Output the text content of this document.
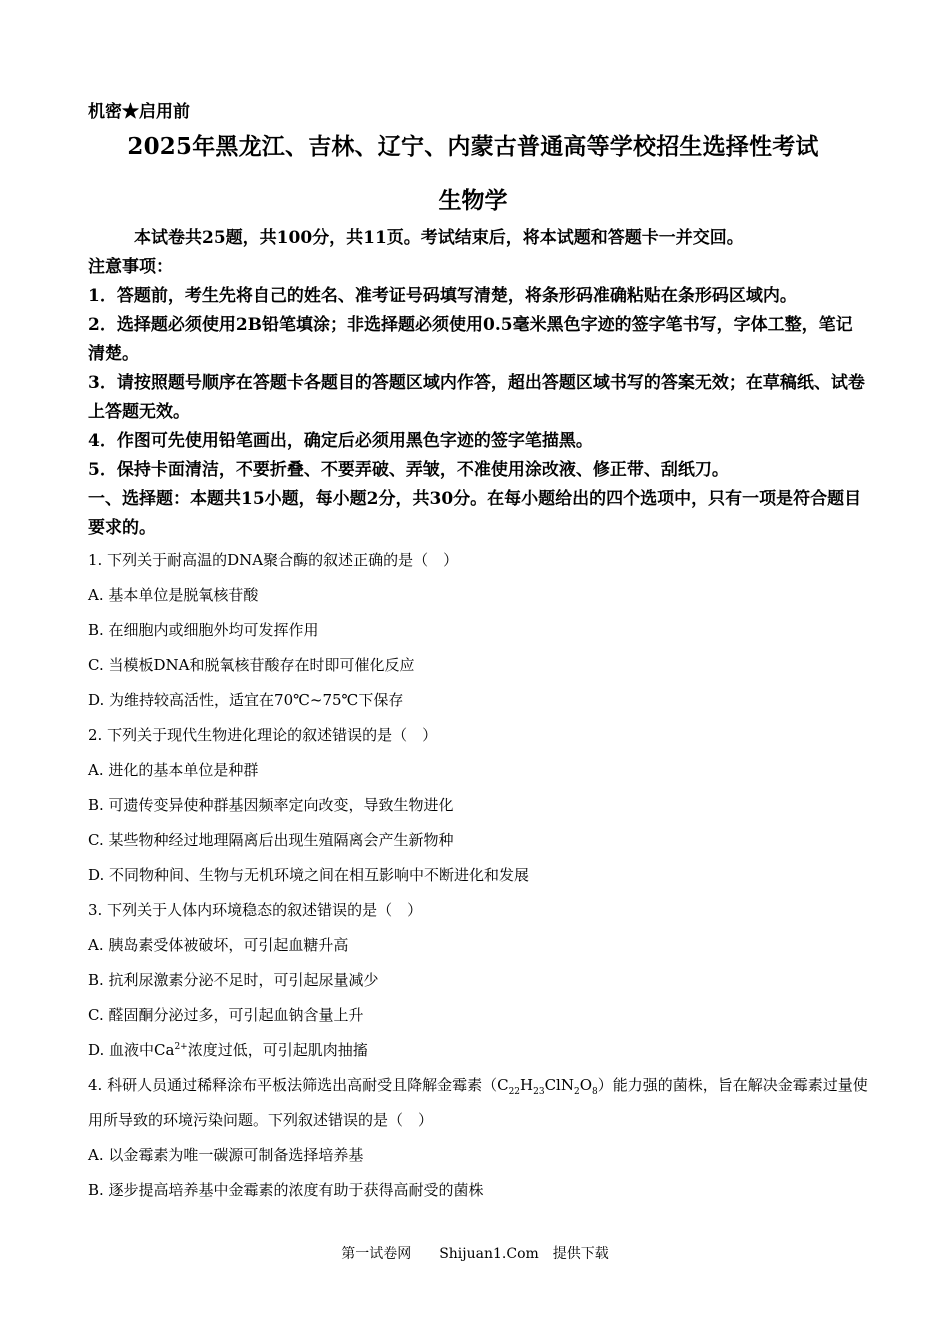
机密★启用前
2025年黑龙江、吉林、辽宁、内蒙古普通高等学校招生选择性考试
生物学
本试卷共25题，共100分，共11页。考试结束后，将本试题和答题卡一并交回。
注意事项：
1．答题前，考生先将自己的姓名、准考证号码填写清楚，将条形码准确粘贴在条形码区域内。
2．选择题必须使用2B铅笔填涂；非选择题必须使用0.5毫米黑色字迹的签字笔书写，字体工整，笔记清楚。
3．请按照题号顺序在答题卡各题目的答题区域内作答，超出答题区域书写的答案无效；在草稿纸、试卷上答题无效。
4．作图可先使用铅笔画出，确定后必须用黑色字迹的签字笔描黑。
5．保持卡面清洁，不要折叠、不要弄破、弄皱，不准使用涂改液、修正带、刮纸刀。
一、选择题：本题共15小题，每小题2分，共30分。在每小题给出的四个选项中，只有一项是符合题目要求的。
1. 下列关于耐高温的DNA聚合酶的叙述正确的是（　）
A. 基本单位是脱氧核苷酸
B. 在细胞内或细胞外均可发挥作用
C. 当模板DNA和脱氧核苷酸存在时即可催化反应
D. 为维持较高活性，适宜在70℃~75℃下保存
2. 下列关于现代生物进化理论的叙述错误的是（　）
A. 进化的基本单位是种群
B. 可遗传变异使种群基因频率定向改变，导致生物进化
C. 某些物种经过地理隔离后出现生殖隔离会产生新物种
D. 不同物种间、生物与无机环境之间在相互影响中不断进化和发展
3. 下列关于人体内环境稳态的叙述错误的是（　）
A. 胰岛素受体被破坏，可引起血糖升高
B. 抗利尿激素分泌不足时，可引起尿量减少
C. 醛固酮分泌过多，可引起血钠含量上升
D. 血液中$Ca^{2+}$浓度过低，可引起肌肉抽搐
4. 科研人员通过稀释涂布平板法筛选出高耐受且降解金霉素$(C_{22}H_{23}ClN_2O_8)$能力强的菌株，旨在解决金霉素过量使用所导致的环境污染问题。下列叙述错误的是（　）
A. 以金霉素为唯一碳源可制备选择培养基
B. 逐步提高培养基中金霉素的浓度有助于获得高耐受的菌株
第一试卷网　　Shijuan1.Com　提供下载
